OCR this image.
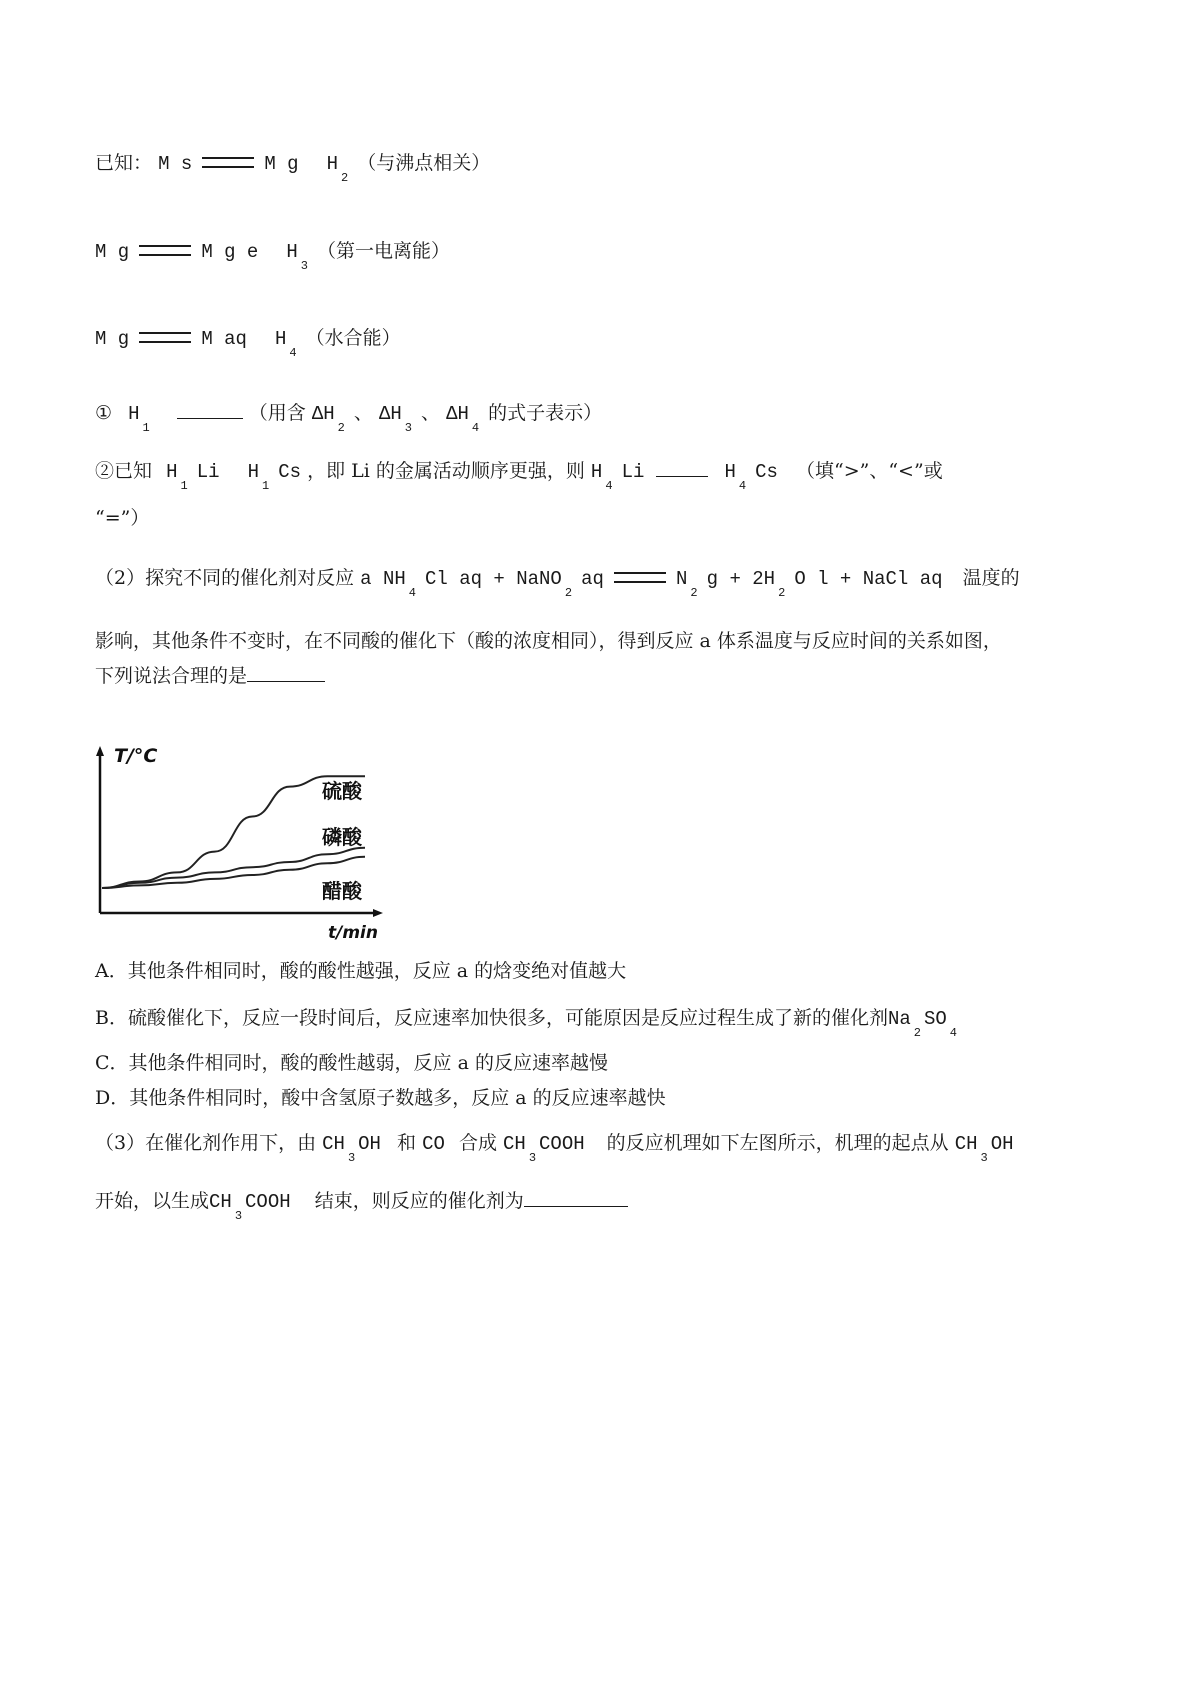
已知： M s	M g $H_2$ （与沸点相关）
M g	M g e $H_3$ （第一电离能）
M g	M aq $H_4$ （水合能）
① $H_1$  （用含 $\Delta H_2$ 、 $\Delta H_3$ 、 $\Delta H_4$ 的式子表示）
②已知 $H_1$ Li $H_1$ Cs ，即 Li 的金属活动顺序更强，则 $H_4$ Li	$H_4$ Cs （填“>”、“<”或
“=”）
（2）探究不同的催化剂对反应 a $NH_4$ Cl aq + NaNO$_2$ aq	$N_2$ $g + 2H_2$ O l + NaCl aq 温度的
影响，其他条件不变时，在不同酸的催化下（酸的浓度相同），得到反应 a 体系温度与反应时间的关系如图，
下列说法合理的是
T/°C
t/min
硫酸
磷酸
醋酸
A．其他条件相同时，酸的酸性越强，反应 a 的焓变绝对值越大
B．硫酸催化下，反应一段时间后，反应速率加快很多，可能原因是反应过程生成了新的催化剂$Na_2SO_4$
C．其他条件相同时，酸的酸性越弱，反应 a 的反应速率越慢
D．其他条件相同时，酸中含氢原子数越多，反应 a 的反应速率越快
（3）在催化剂作用下，由 $CH_3OH$ 和 CO 合成 $CH_3COOH$ 的反应机理如下左图所示，机理的起点从 $CH_3OH$
开始，以生成$CH_3COOH$ 结束，则反应的催化剂为
